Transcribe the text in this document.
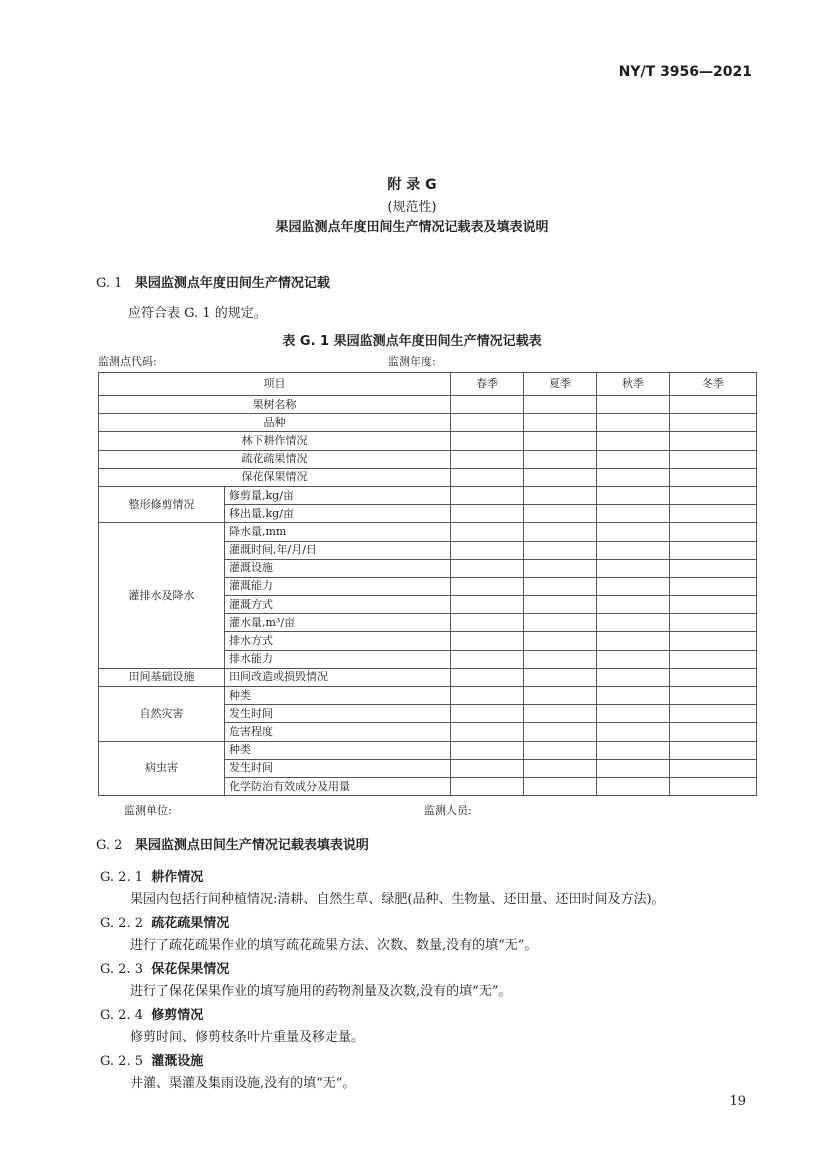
NY/T 3956—2021
附 录 G
(规范性)
果园监测点年度田间生产情况记载表及填表说明
G. 1 果园监测点年度田间生产情况记载
应符合表 G. 1 的规定。
表 G. 1 果园监测点年度田间生产情况记载表
监测点代码:	监测年度:
项目		春季	夏季	秋季	冬季
果树名称					
品种					
林下耕作情况					
疏花疏果情况					
保花保果情况					
整形修剪情况	修剪量,kg/亩				
	移出量,kg/亩				
灌排水及降水	降水量,mm				
	灌溉时间,年/月/日				
	灌溉设施				
	灌溉能力				
	灌溉方式				
	灌水量,m³/亩				
	排水方式				
	排水能力				
田间基础设施	田间改造或损毁情况				
自然灾害	种类				
	发生时间				
	危害程度				
病虫害	种类				
	发生时间				
	化学防治有效成分及用量				
监测单位:	监测人员:
G. 2 果园监测点田间生产情况记载表填表说明
G. 2. 1 耕作情况
果园内包括行间种植情况:清耕、自然生草、绿肥(品种、生物量、还田量、还田时间及方法)。
G. 2. 2 疏花疏果情况
进行了疏花疏果作业的填写疏花疏果方法、次数、数量,没有的填“无”。
G. 2. 3 保花保果情况
进行了保花保果作业的填写施用的药物剂量及次数,没有的填“无”。
G. 2. 4 修剪情况
修剪时间、修剪枝条叶片重量及移走量。
G. 2. 5 灌溉设施
井灌、渠灌及集雨设施,没有的填“无”。
19
